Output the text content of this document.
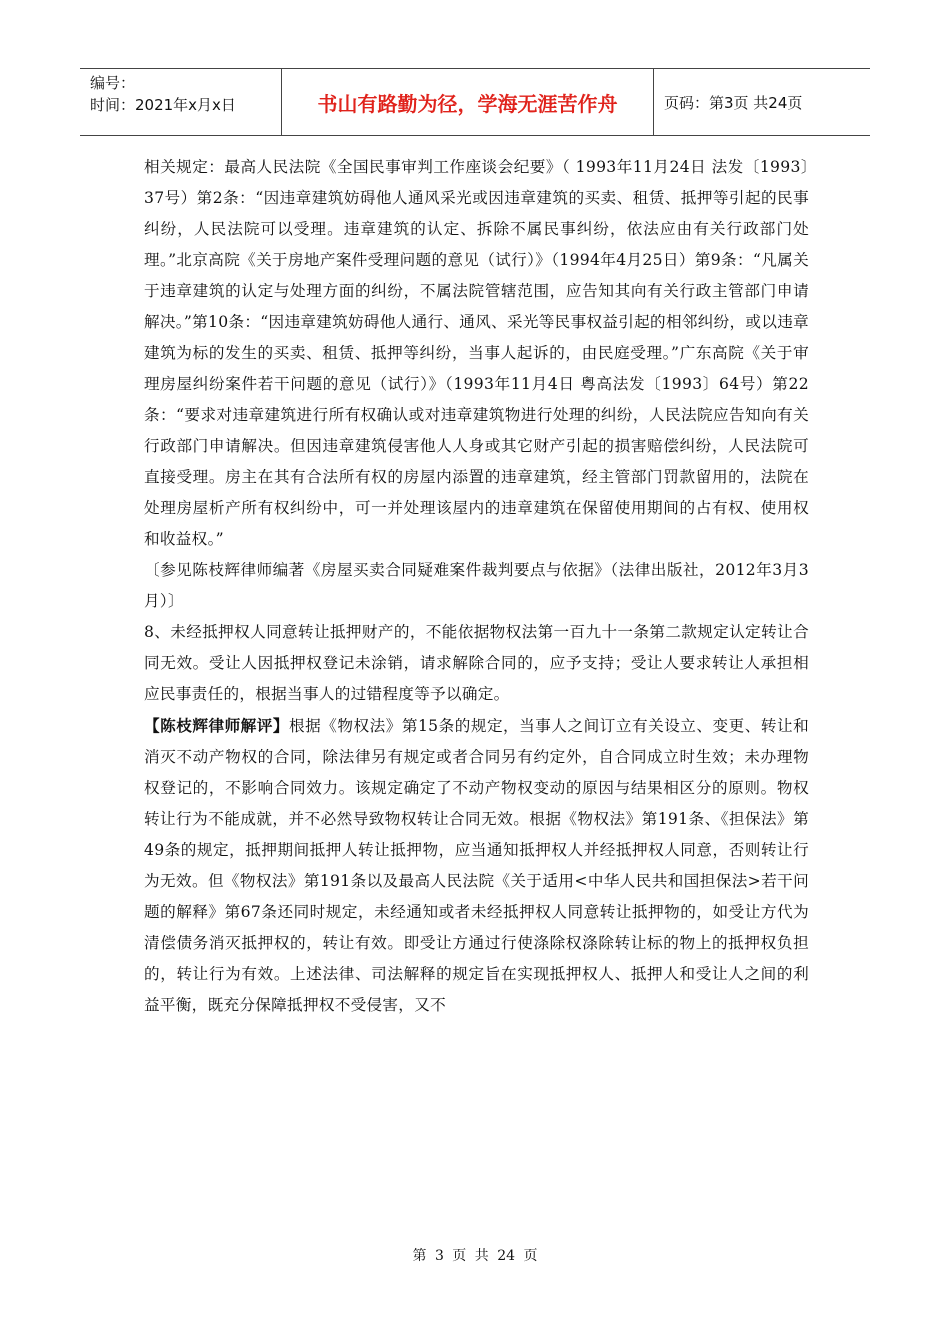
编号：
时间：2021年x月x日	书山有路勤为径，学海无涯苦作舟	页码：第3页 共24页

相关规定：最高人民法院《全国民事审判工作座谈会纪要》（ 1993年11月24日 法发〔1993〕37号）第2条：“因违章建筑妨碍他人通风采光或因违章建筑的买卖、租赁、抵押等引起的民事纠纷，人民法院可以受理。违章建筑的认定、拆除不属民事纠纷，依法应由有关行政部门处理。”北京高院《关于房地产案件受理问题的意见（试行）》（1994年4月25日）第9条：“凡属关于违章建筑的认定与处理方面的纠纷，不属法院管辖范围，应告知其向有关行政主管部门申请解决。”第10条：“因违章建筑妨碍他人通行、通风、采光等民事权益引起的相邻纠纷，或以违章建筑为标的发生的买卖、租赁、抵押等纠纷，当事人起诉的，由民庭受理。”广东高院《关于审理房屋纠纷案件若干问题的意见（试行）》（1993年11月4日 粤高法发〔1993〕64号）第22条：“要求对违章建筑进行所有权确认或对违章建筑物进行处理的纠纷，人民法院应告知向有关行政部门申请解决。但因违章建筑侵害他人人身或其它财产引起的损害赔偿纠纷，人民法院可直接受理。房主在其有合法所有权的房屋内添置的违章建筑，经主管部门罚款留用的，法院在处理房屋析产所有权纠纷中，可一并处理该屋内的违章建筑在保留使用期间的占有权、使用权和收益权。”

〔参见陈枝辉律师编著《房屋买卖合同疑难案件裁判要点与依据》（法律出版社，2012年3月3月）〕

8、未经抵押权人同意转让抵押财产的，不能依据物权法第一百九十一条第二款规定认定转让合同无效。受让人因抵押权登记未涂销，请求解除合同的，应予支持；受让人要求转让人承担相应民事责任的，根据当事人的过错程度等予以确定。

【陈枝辉律师解评】根据《物权法》第15条的规定，当事人之间订立有关设立、变更、转让和消灭不动产物权的合同，除法律另有规定或者合同另有约定外，自合同成立时生效；未办理物权登记的，不影响合同效力。该规定确定了不动产物权变动的原因与结果相区分的原则。物权转让行为不能成就，并不必然导致物权转让合同无效。根据《物权法》第191条、《担保法》第49条的规定，抵押期间抵押人转让抵押物，应当通知抵押权人并经抵押权人同意，否则转让行为无效。但《物权法》第191条以及最高人民法院《关于适用<中华人民共和国担保法>若干问题的解释》第67条还同时规定，未经通知或者未经抵押权人同意转让抵押物的，如受让方代为清偿债务消灭抵押权的，转让有效。即受让方通过行使涤除权涤除转让标的物上的抵押权负担的，转让行为有效。上述法律、司法解释的规定旨在实现抵押权人、抵押人和受让人之间的利益平衡，既充分保障抵押权不受侵害，又不

第 3 页 共 24 页
